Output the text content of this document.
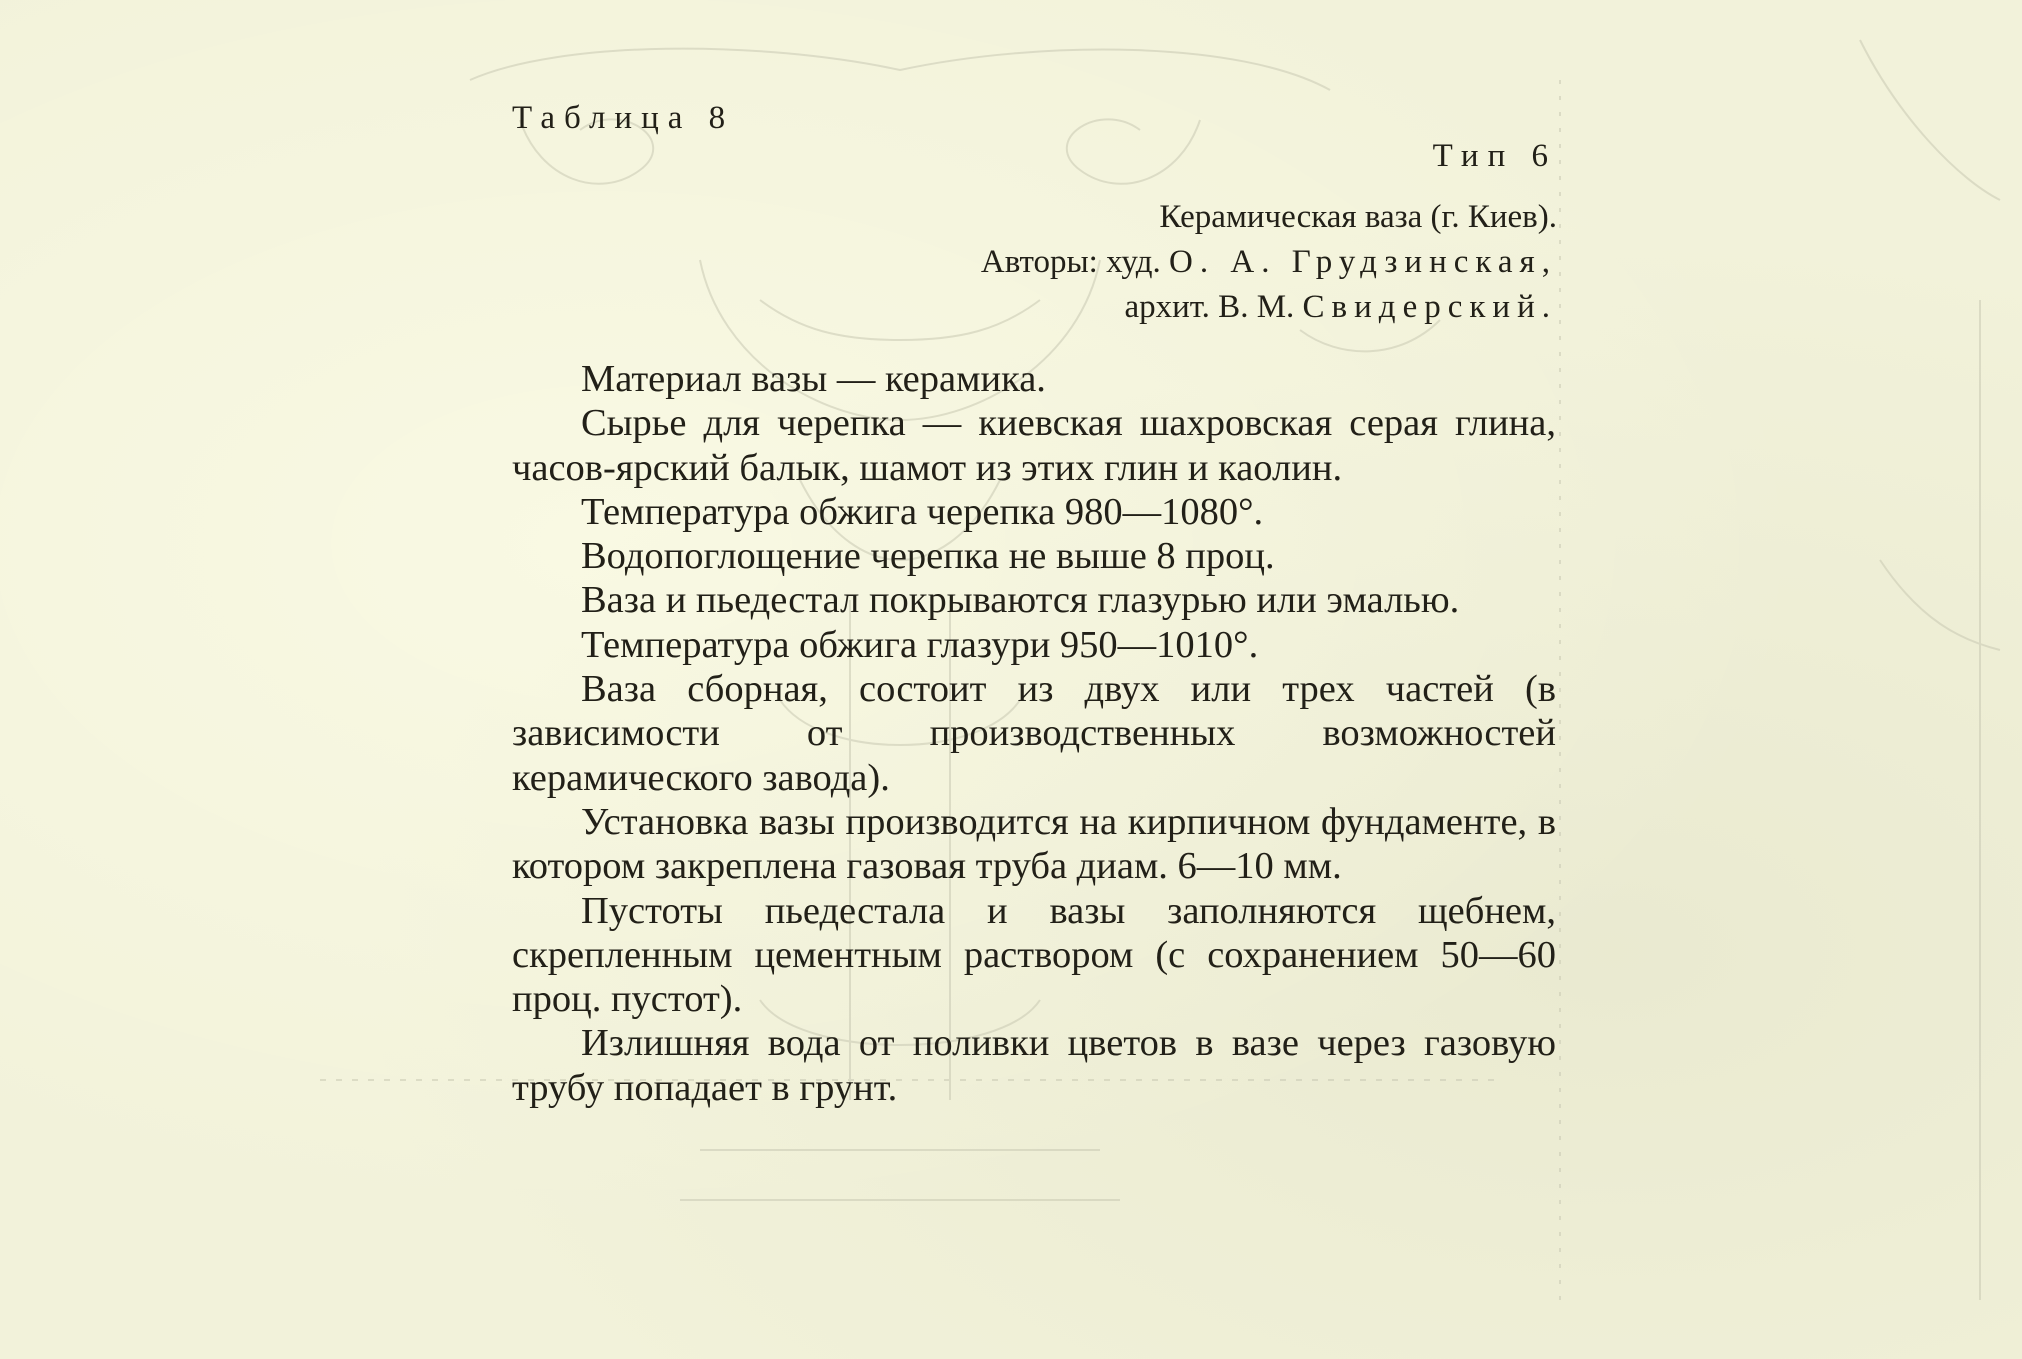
Таблица 8
Тип 6
Керамическая ваза (г. Киев).
Авторы: худ. О. А. Грудзинская,
архит. В. М. Свидерский.

Материал вазы — керамика.

Сырье для черепка — киевская шахровская серая глина, часов-ярский балык, шамот из этих глин и каолин.

Температура обжига черепка 980—1080°.

Водопоглощение черепка не выше 8 проц.

Ваза и пьедестал покрываются глазурью или эмалью.

Температура обжига глазури 950—1010°.

Ваза сборная, состоит из двух или трех частей (в зависимости от производственных возможностей керамического завода).

Установка вазы производится на кирпичном фундаменте, в котором закреплена газовая труба диам. 6—10 мм.

Пустоты пьедестала и вазы заполняются щебнем, скрепленным цементным раствором (с сохранением 50—60 проц. пустот).

Излишняя вода от поливки цветов в вазе через газовую трубу попадает в грунт.
